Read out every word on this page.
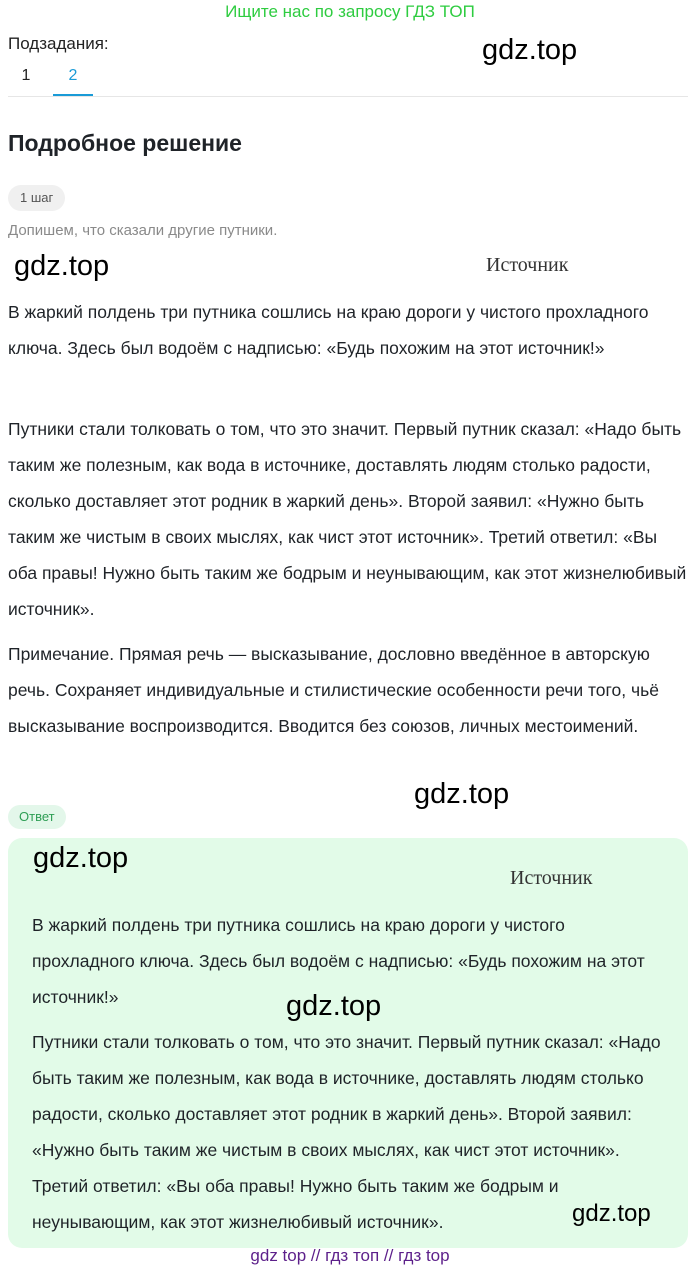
Ищите нас по запросу ГДЗ ТОП
gdz.top
Подзадания:
1	2
Подробное решение
1 шаг
Допишем, что сказали другие путники.
gdz.top	Источник

В жаркий полдень три путника сошлись на краю дороги у чистого прохладного ключа. Здесь был водоём с надписью: «Будь похожим на этот источник!»

Путники стали толковать о том, что это значит. Первый путник сказал: «Надо быть таким же полезным, как вода в источнике, доставлять людям столько радости, сколько доставляет этот родник в жаркий день». Второй заявил: «Нужно быть таким же чистым в своих мыслях, как чист этот источник». Третий ответил: «Вы оба правы! Нужно быть таким же бодрым и неунывающим, как этот жизнелюбивый источник».

Примечание. Прямая речь — высказывание, дословно введённое в авторскую речь. Сохраняет индивидуальные и стилистические особенности речи того, чьё высказывание воспроизводится. Вводится без союзов, личных местоимений.

gdz.top
Ответ
gdz.top
Источник

В жаркий полдень три путника сошлись на краю дороги у чистого прохладного ключа. Здесь был водоём с надписью: «Будь похожим на этот источник!»	gdz.top

Путники стали толковать о том, что это значит. Первый путник сказал: «Надо быть таким же полезным, как вода в источнике, доставлять людям столько радости, сколько доставляет этот родник в жаркий день». Второй заявил: «Нужно быть таким же чистым в своих мыслях, как чист этот источник». Третий ответил: «Вы оба правы! Нужно быть таким же бодрым и неунывающим, как этот жизнелюбивый источник».	gdz.top
gdz top // гдз топ // гдз top
